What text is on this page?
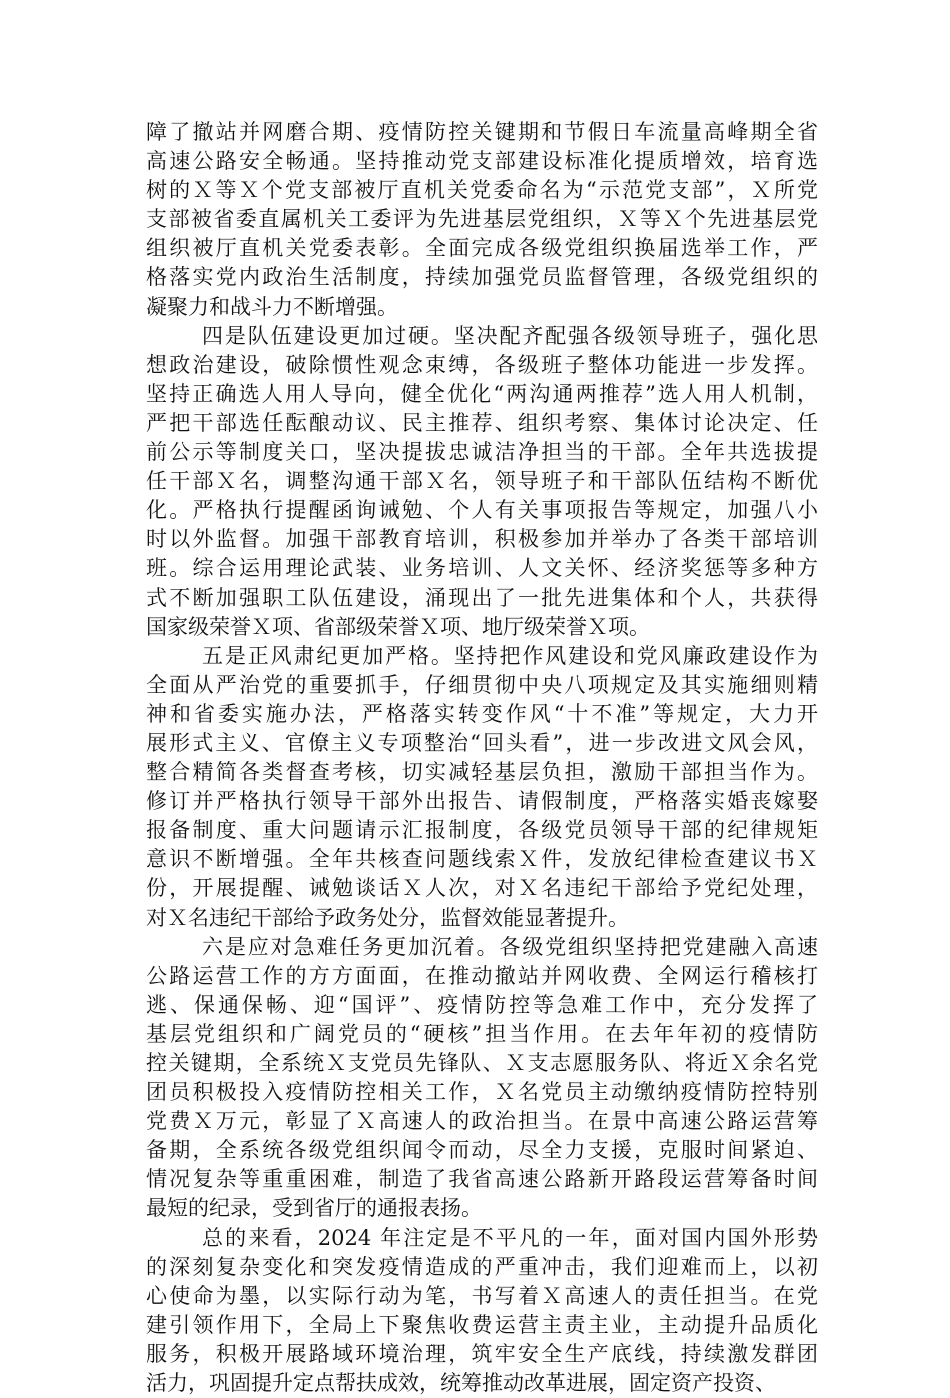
障了撤站并网磨合期、疫情防控关键期和节假日车流量高峰期全省
高速公路安全畅通。坚持推动党支部建设标准化提质增效，培育选
树的Ｘ等Ｘ个党支部被厅直机关党委命名为“示范党支部”，Ｘ所党
支部被省委直属机关工委评为先进基层党组织，Ｘ等Ｘ个先进基层党
组织被厅直机关党委表彰。全面完成各级党组织换届选举工作，严
格落实党内政治生活制度，持续加强党员监督管理，各级党组织的
凝聚力和战斗力不断增强。
四是队伍建设更加过硬。坚决配齐配强各级领导班子，强化思
想政治建设，破除惯性观念束缚，各级班子整体功能进一步发挥。
坚持正确选人用人导向，健全优化“两沟通两推荐”选人用人机制，
严把干部选任酝酿动议、民主推荐、组织考察、集体讨论决定、任
前公示等制度关口，坚决提拔忠诚洁净担当的干部。全年共选拔提
任干部Ｘ名，调整沟通干部Ｘ名，领导班子和干部队伍结构不断优
化。严格执行提醒函询诫勉、个人有关事项报告等规定，加强八小
时以外监督。加强干部教育培训，积极参加并举办了各类干部培训
班。综合运用理论武装、业务培训、人文关怀、经济奖惩等多种方
式不断加强职工队伍建设，涌现出了一批先进集体和个人，共获得
国家级荣誉Ｘ项、省部级荣誉Ｘ项、地厅级荣誉Ｘ项。
五是正风肃纪更加严格。坚持把作风建设和党风廉政建设作为
全面从严治党的重要抓手，仔细贯彻中央八项规定及其实施细则精
神和省委实施办法，严格落实转变作风“十不准”等规定，大力开
展形式主义、官僚主义专项整治“回头看”，进一步改进文风会风，
整合精简各类督查考核，切实减轻基层负担，激励干部担当作为。
修订并严格执行领导干部外出报告、请假制度，严格落实婚丧嫁娶
报备制度、重大问题请示汇报制度，各级党员领导干部的纪律规矩
意识不断增强。全年共核查问题线索Ｘ件，发放纪律检查建议书Ｘ
份，开展提醒、诫勉谈话Ｘ人次，对Ｘ名违纪干部给予党纪处理，
对Ｘ名违纪干部给予政务处分，监督效能显著提升。
六是应对急难任务更加沉着。各级党组织坚持把党建融入高速
公路运营工作的方方面面，在推动撤站并网收费、全网运行稽核打
逃、保通保畅、迎“国评”、疫情防控等急难工作中，充分发挥了
基层党组织和广阔党员的“硬核”担当作用。在去年年初的疫情防
控关键期，全系统Ｘ支党员先锋队、Ｘ支志愿服务队、将近Ｘ余名党
团员积极投入疫情防控相关工作，Ｘ名党员主动缴纳疫情防控特别
党费Ｘ万元，彰显了Ｘ高速人的政治担当。在景中高速公路运营筹
备期，全系统各级党组织闻令而动，尽全力支援，克服时间紧迫、
情况复杂等重重困难，制造了我省高速公路新开路段运营筹备时间
最短的纪录，受到省厅的通报表扬。
总的来看，2024 年注定是不平凡的一年，面对国内国外形势
的深刻复杂变化和突发疫情造成的严重冲击，我们迎难而上，以初
心使命为墨，以实际行动为笔，书写着Ｘ高速人的责任担当。在党
建引领作用下，全局上下聚焦收费运营主责主业，主动提升品质化
服务，积极开展路域环境治理，筑牢安全生产底线，持续激发群团
活力，巩固提升定点帮扶成效，统筹推动改革进展，固定资产投资、
